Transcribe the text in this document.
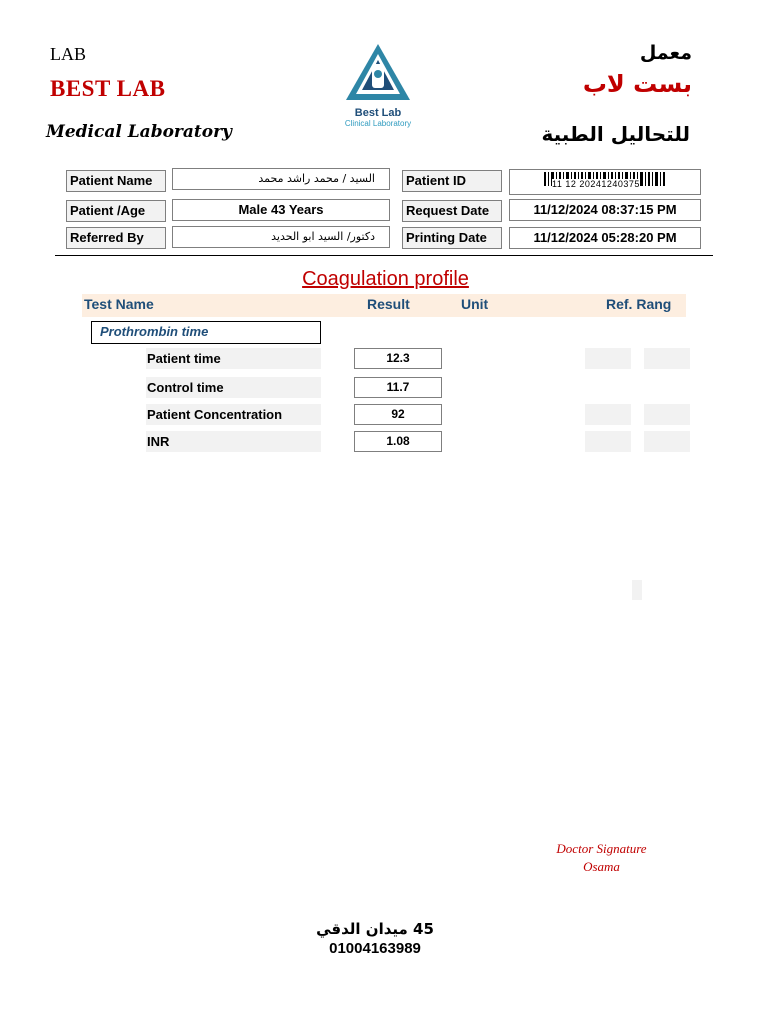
LAB
BEST LAB
Medical Laboratory
Best Lab
Clinical Laboratory
معمل
بست لاب
للتحاليل الطبية
Patient Name	السيد / محمد راشد محمد
Patient /Age	Male 43 Years
Referred By	دكتور/ السيد ابو الحديد
Patient ID	11 12 20241240375
Request Date	11/12/2024 08:37:15 PM
Printing Date	11/12/2024 05:28:20 PM
Coagulation profile
Test Name	Result	Unit	Ref. Rang
Prothrombin time
Patient time	12.3
Control time	11.7
Patient Concentration	92
INR	1.08
Doctor Signature
Osama
45 ميدان الدقي
01004163989
